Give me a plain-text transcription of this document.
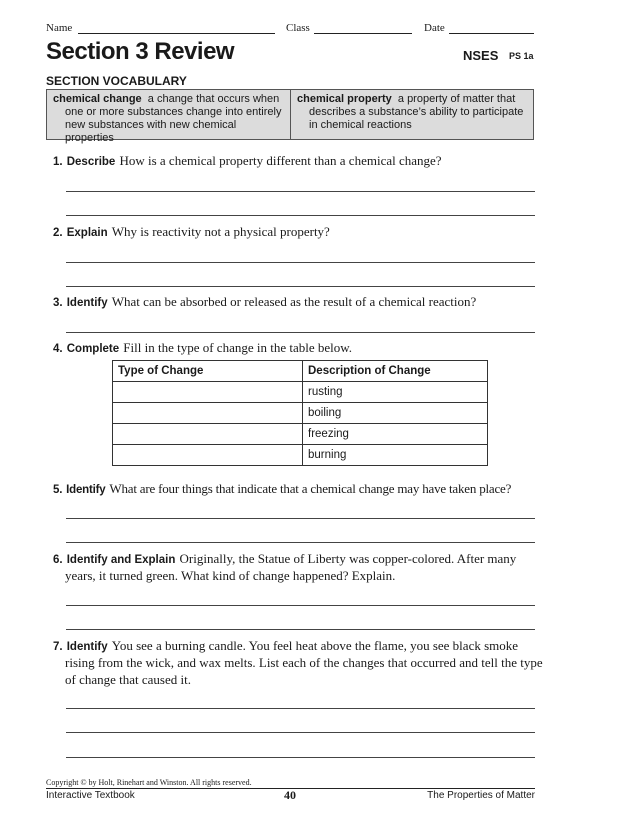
Name	Class	Date
Section 3 Review	NSES PS 1a
SECTION VOCABULARY
chemical change a change that occurs when one or more substances change into entirely new substances with new chemical properties
chemical property a property of matter that describes a substance’s ability to participate in chemical reactions
1. Describe How is a chemical property different than a chemical change?
2. Explain Why is reactivity not a physical property?
3. Identify What can be absorbed or released as the result of a chemical reaction?
4. Complete Fill in the type of change in the table below.
Type of Change	Description of Change
	rusting
	boiling
	freezing
	burning
5. Identify What are four things that indicate that a chemical change may have taken place?
6. Identify and Explain Originally, the Statue of Liberty was copper-colored. After many years, it turned green. What kind of change happened? Explain.
7. Identify You see a burning candle. You feel heat above the flame, you see black smoke rising from the wick, and wax melts. List each of the changes that occurred and tell the type of change that caused it.
Copyright © by Holt, Rinehart and Winston. All rights reserved.
Interactive Textbook	40	The Properties of Matter
